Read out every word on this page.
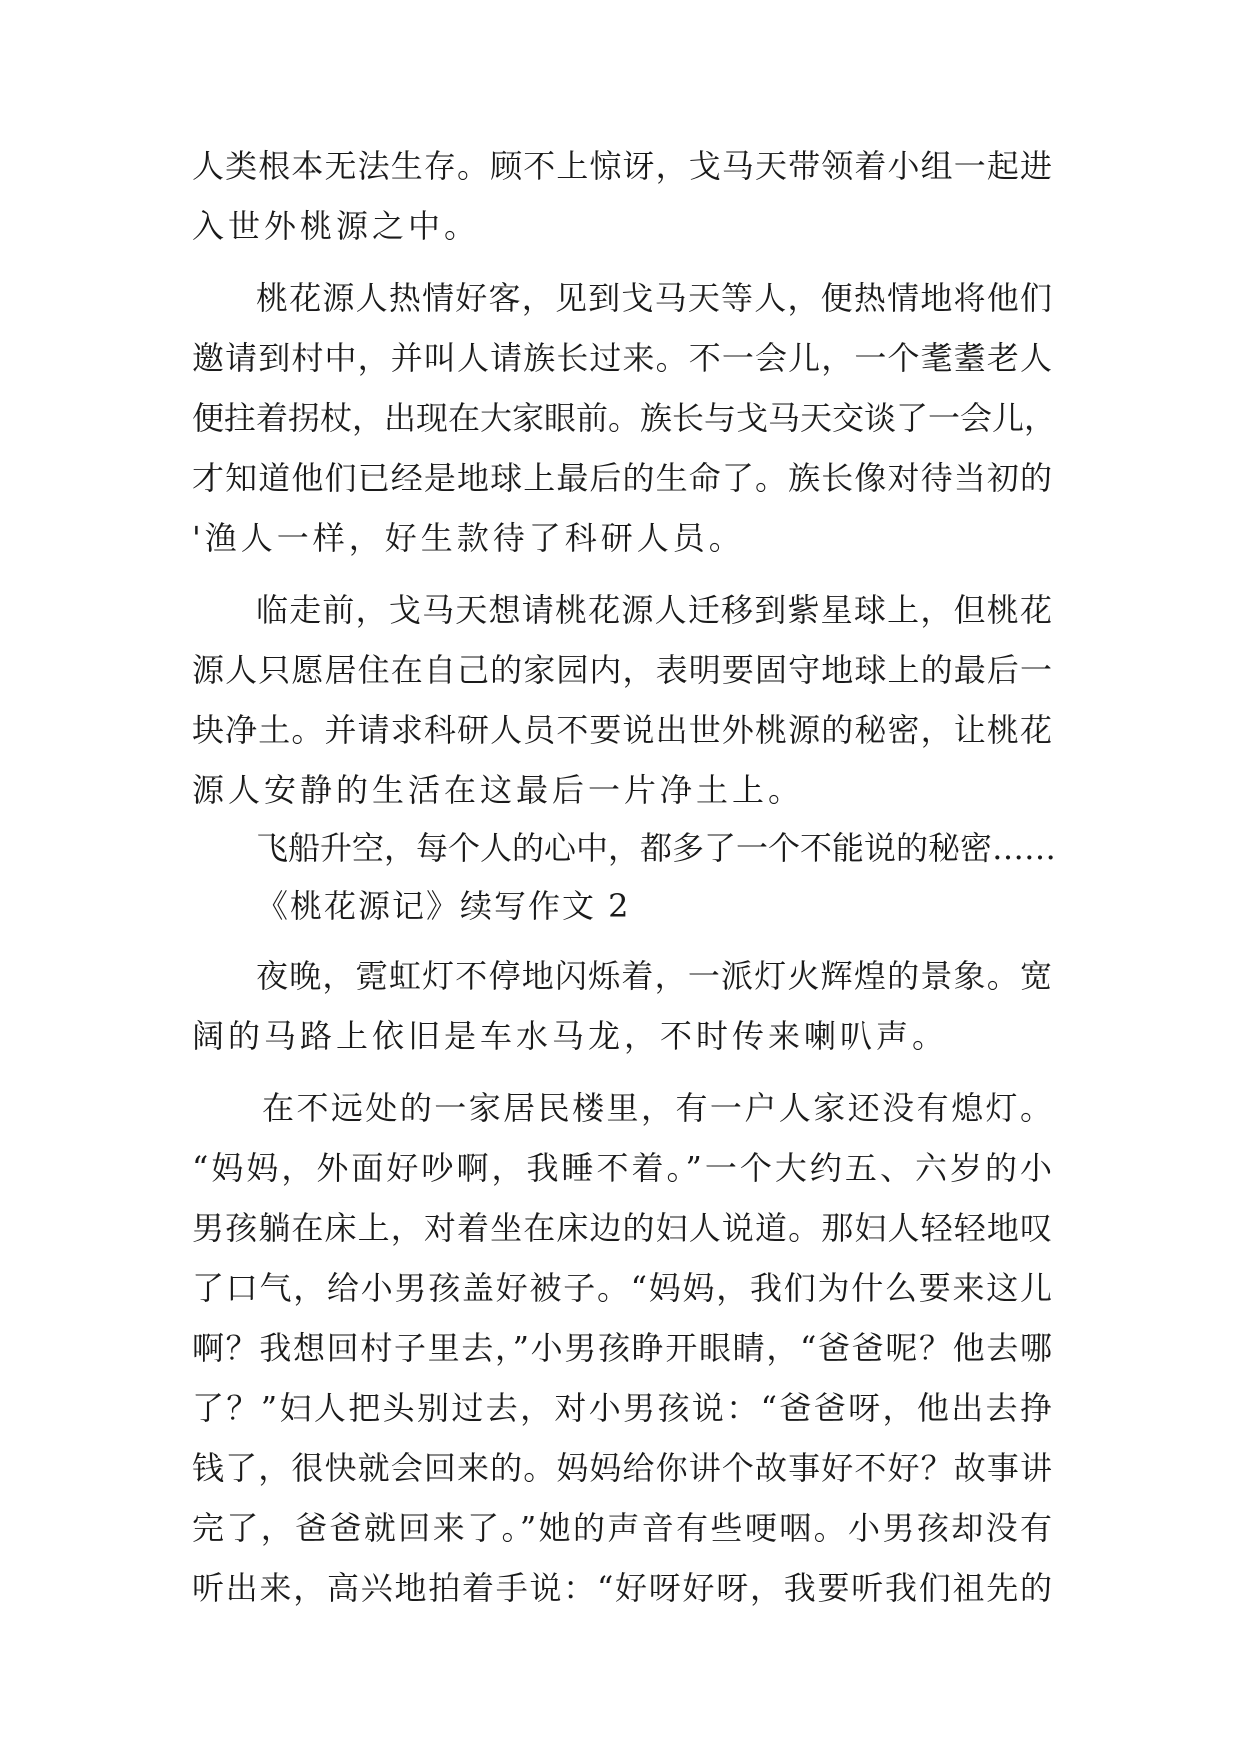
人类根本无法生存。顾不上惊讶，戈马天带领着小组一起进
入世外桃源之中。
桃花源人热情好客，见到戈马天等人，便热情地将他们
邀请到村中，并叫人请族长过来。不一会儿，一个耄耋老人
便拄着拐杖，出现在大家眼前。族长与戈马天交谈了一会儿，
才知道他们已经是地球上最后的生命了。族长像对待当初的
'渔人一样，好生款待了科研人员。
临走前，戈马天想请桃花源人迁移到紫星球上，但桃花
源人只愿居住在自己的家园内，表明要固守地球上的最后一
块净土。并请求科研人员不要说出世外桃源的秘密，让桃花
源人安静的生活在这最后一片净土上。
飞船升空，每个人的心中，都多了一个不能说的秘密……
《桃花源记》续写作文 2
夜晚，霓虹灯不停地闪烁着，一派灯火辉煌的景象。宽
阔的马路上依旧是车水马龙，不时传来喇叭声。
在不远处的一家居民楼里，有一户人家还没有熄灯。
“妈妈，外面好吵啊，我睡不着。”一个大约五、六岁的小
男孩躺在床上，对着坐在床边的妇人说道。那妇人轻轻地叹
了口气，给小男孩盖好被子。“妈妈，我们为什么要来这儿
啊？我想回村子里去，”小男孩睁开眼睛，“爸爸呢？他去哪
了？”妇人把头别过去，对小男孩说：“爸爸呀，他出去挣
钱了，很快就会回来的。妈妈给你讲个故事好不好？故事讲
完了，爸爸就回来了。”她的声音有些哽咽。小男孩却没有
听出来，高兴地拍着手说：“好呀好呀，我要听我们祖先的
